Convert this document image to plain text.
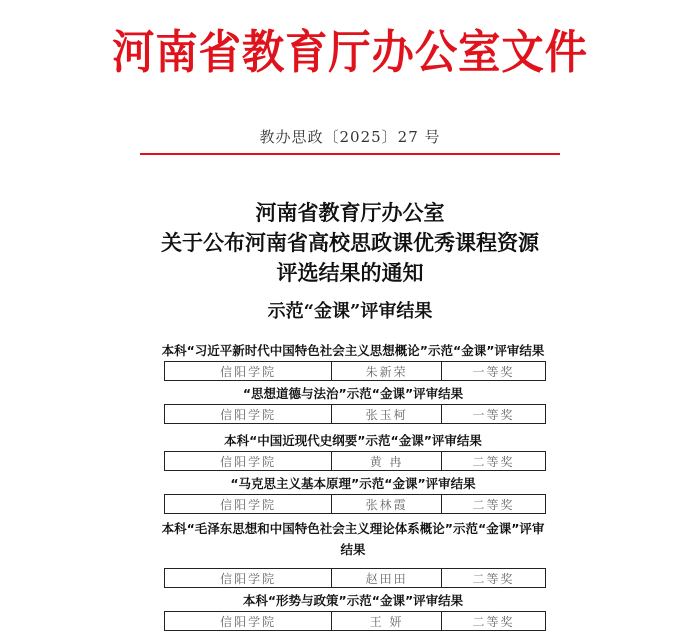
河南省教育厅办公室文件
教办思政〔2025〕27 号
河南省教育厅办公室
关于公布河南省高校思政课优秀课程资源
评选结果的通知
示范“金课”评审结果

本科“习近平新时代中国特色社会主义思想概论”示范“金课”评审结果

信阳学院	朱新荣	一等奖

“思想道德与法治”示范“金课”评审结果

信阳学院	张玉柯	一等奖

本科“中国近现代史纲要”示范“金课”评审结果

信阳学院	黄 冉	二等奖

“马克思主义基本原理”示范“金课”评审结果

信阳学院	张林霞	二等奖

本科“毛泽东思想和中国特色社会主义理论体系概论”示范“金课”评审结果

信阳学院	赵田田	二等奖

本科“形势与政策”示范“金课”评审结果

信阳学院	王 妍	二等奖
